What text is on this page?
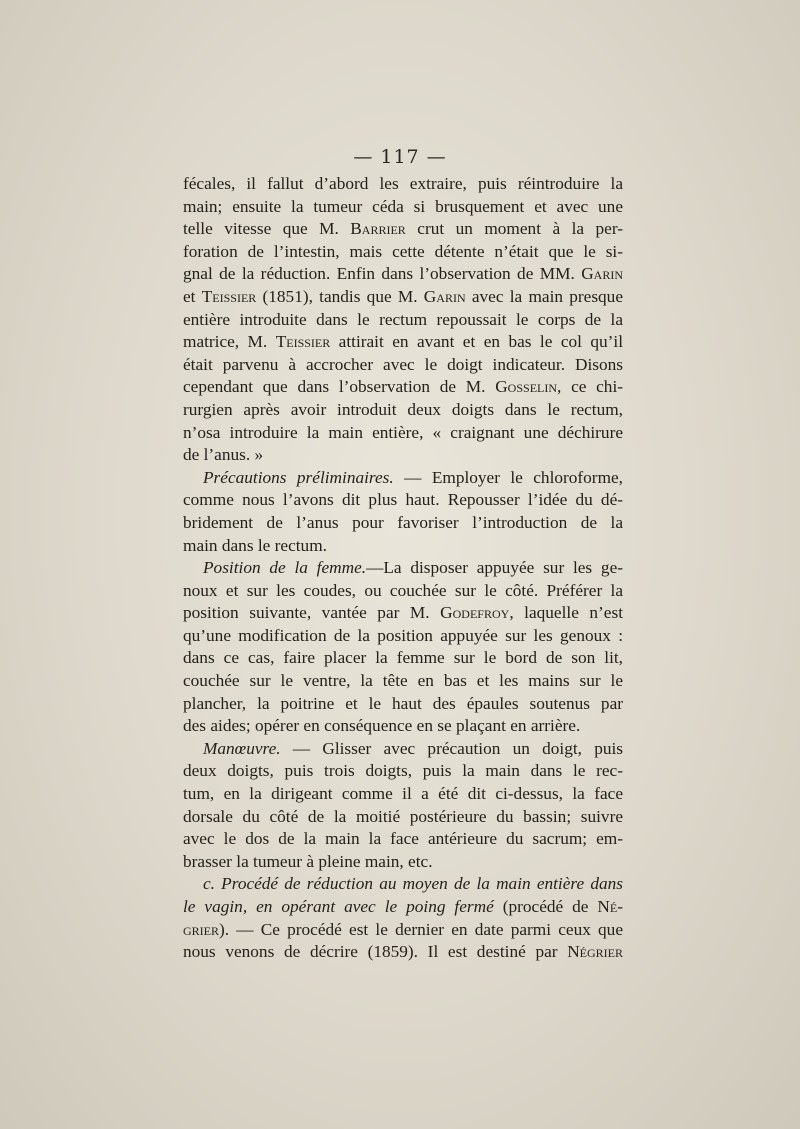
— 117 —
fécales, il fallut d’abord les extraire, puis réintroduire la
main; ensuite la tumeur céda si brusquement et avec une
telle vitesse que M. Barrier crut un moment à la per-
foration de l’intestin, mais cette détente n’était que le si-
gnal de la réduction. Enfin dans l’observation de MM. Garin
et Teissier (1851), tandis que M. Garin avec la main presque
entière introduite dans le rectum repoussait le corps de la
matrice, M. Teissier attirait en avant et en bas le col qu’il
était parvenu à accrocher avec le doigt indicateur. Disons
cependant que dans l’observation de M. Gosselin, ce chi-
rurgien après avoir introduit deux doigts dans le rectum,
n’osa introduire la main entière, « craignant une déchirure
de l’anus. »
Précautions préliminaires. — Employer le chloroforme,
comme nous l’avons dit plus haut. Repousser l’idée du dé-
bridement de l’anus pour favoriser l’introduction de la
main dans le rectum.
Position de la femme.—La disposer appuyée sur les ge-
noux et sur les coudes, ou couchée sur le côté. Préférer la
position suivante, vantée par M. Godefroy, laquelle n’est
qu’une modification de la position appuyée sur les genoux :
dans ce cas, faire placer la femme sur le bord de son lit,
couchée sur le ventre, la tête en bas et les mains sur le
plancher, la poitrine et le haut des épaules soutenus par
des aides; opérer en conséquence en se plaçant en arrière.
Manœuvre. — Glisser avec précaution un doigt, puis
deux doigts, puis trois doigts, puis la main dans le rec-
tum, en la dirigeant comme il a été dit ci-dessus, la face
dorsale du côté de la moitié postérieure du bassin; suivre
avec le dos de la main la face antérieure du sacrum; em-
brasser la tumeur à pleine main, etc.
c. Procédé de réduction au moyen de la main entière dans
le vagin, en opérant avec le poing fermé (procédé de Né-
grier). — Ce procédé est le dernier en date parmi ceux que
nous venons de décrire (1859). Il est destiné par Négrier
